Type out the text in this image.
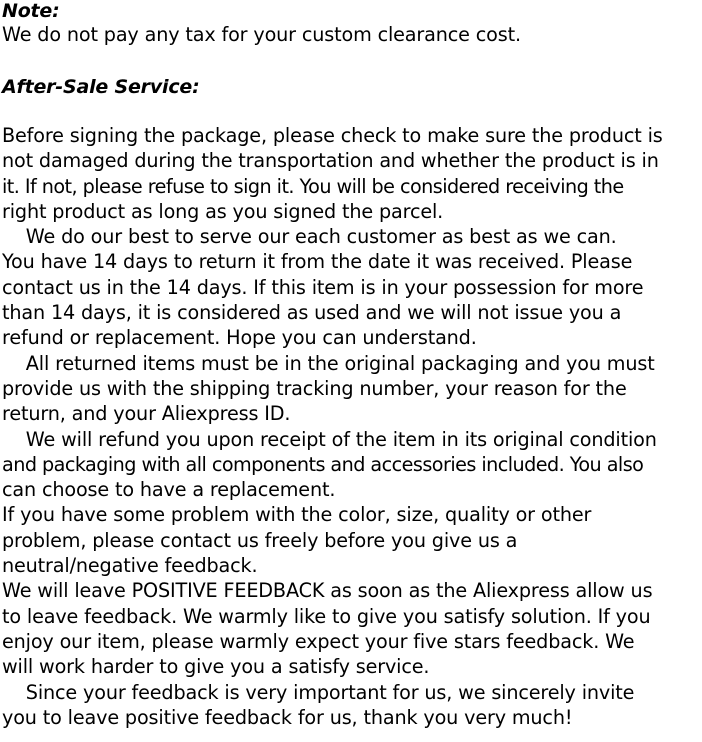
Note:

We do not pay any tax for your custom clearance cost.

After-Sale Service:

Before signing the package, please check to make sure the product is
not damaged during the transportation and whether the product is in
it. If not, please refuse to sign it. You will be considered receiving the
right product as long as you signed the parcel.
We do our best to serve our each customer as best as we can.
You have 14 days to return it from the date it was received. Please
contact us in the 14 days. If this item is in your possession for more
than 14 days, it is considered as used and we will not issue you a
refund or replacement. Hope you can understand.
All returned items must be in the original packaging and you must
provide us with the shipping tracking number, your reason for the
return, and your Aliexpress ID.
We will refund you upon receipt of the item in its original condition
and packaging with all components and accessories included. You also
can choose to have a replacement.
If you have some problem with the color, size, quality or other
problem, please contact us freely before you give us a
neutral/negative feedback.
We will leave POSITIVE FEEDBACK as soon as the Aliexpress allow us
to leave feedback. We warmly like to give you satisfy solution. If you
enjoy our item, please warmly expect your five stars feedback. We
will work harder to give you a satisfy service.
Since your feedback is very important for us, we sincerely invite
you to leave positive feedback for us, thank you very much!
